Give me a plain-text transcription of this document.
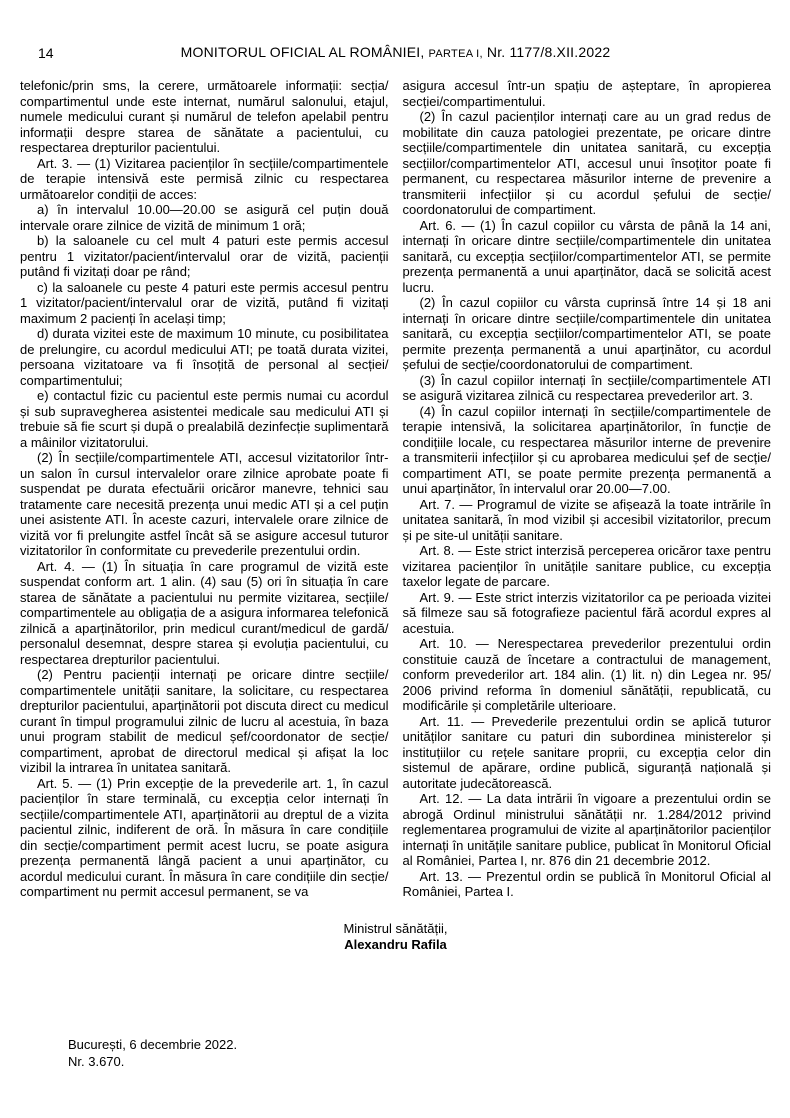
14	MONITORUL OFICIAL AL ROMÂNIEI, PARTEA I, Nr. 1177/8.XII.2022

telefonic/​prin sms, la cerere, următoarele informații: secția/​compartimentul unde este internat, numărul salonului, etajul, numele medicului curant și numărul de telefon apelabil pentru informații despre starea de sănătate a pacientului, cu respectarea drepturilor pacientului.

Art. 3. — (1) Vizitarea pacienților în secțiile/​compartimentele de terapie intensivă este permisă zilnic cu respectarea următoarelor condiții de acces:

a) în intervalul 10.00—20.00 se asigură cel puțin două intervale orare zilnice de vizită de minimum 1 oră;

b) la saloanele cu cel mult 4 paturi este permis accesul pentru 1 vizitator/​pacient/​intervalul orar de vizită, pacienții putând fi vizitați doar pe rând;

c) la saloanele cu peste 4 paturi este permis accesul pentru 1 vizitator/​pacient/​intervalul orar de vizită, putând fi vizitați maximum 2 pacienți în același timp;

d) durata vizitei este de maximum 10 minute, cu posibilitatea de prelungire, cu acordul medicului ATI; pe toată durata vizitei, persoana vizitatoare va fi însoțită de personal al secției/​compartimentului;

e) contactul fizic cu pacientul este permis numai cu acordul și sub supravegherea asistentei medicale sau medicului ATI și trebuie să fie scurt și după o prealabilă dezinfecție suplimentară a mâinilor vizitatorului.

(2) În secțiile/​compartimentele ATI, accesul vizitatorilor într-un salon în cursul intervalelor orare zilnice aprobate poate fi suspendat pe durata efectuării oricăror manevre, tehnici sau tratamente care necesită prezența unui medic ATI și a cel puțin unei asistente ATI. În aceste cazuri, intervalele orare zilnice de vizită vor fi prelungite astfel încât să se asigure accesul tuturor vizitatorilor în conformitate cu prevederile prezentului ordin.

Art. 4. — (1) În situația în care programul de vizită este suspendat conform art. 1 alin. (4) sau (5) ori în situația în care starea de sănătate a pacientului nu permite vizitarea, secțiile/​compartimentele au obligația de a asigura informarea telefonică zilnică a aparținătorilor, prin medicul curant/​medicul de gardă/​personalul desemnat, despre starea și evoluția pacientului, cu respectarea drepturilor pacientului.

(2) Pentru pacienții internați pe oricare dintre secțiile/​compartimentele unității sanitare, la solicitare, cu respectarea drepturilor pacientului, aparținătorii pot discuta direct cu medicul curant în timpul programului zilnic de lucru al acestuia, în baza unui program stabilit de medicul șef/​coordonator de secție/​compartiment, aprobat de directorul medical și afișat la loc vizibil la intrarea în unitatea sanitară.

Art. 5. — (1) Prin excepție de la prevederile art. 1, în cazul pacienților în stare terminală, cu excepția celor internați în secțiile/​compartimentele ATI, aparținătorii au dreptul de a vizita pacientul zilnic, indiferent de oră. În măsura în care condițiile din secție/​compartiment permit acest lucru, se poate asigura prezența permanentă lângă pacient a unui aparținător, cu acordul medicului curant. În măsura în care condițiile din secție/​compartiment nu permit accesul permanent, se va

asigura accesul într-un spațiu de așteptare, în apropierea secției/​compartimentului.

(2) În cazul pacienților internați care au un grad redus de mobilitate din cauza patologiei prezentate, pe oricare dintre secțiile/​compartimentele din unitatea sanitară, cu excepția secțiilor/​compartimentelor ATI, accesul unui însoțitor poate fi permanent, cu respectarea măsurilor interne de prevenire a transmiterii infecțiilor și cu acordul șefului de secție/​coordonatorului de compartiment.

Art. 6. — (1) În cazul copiilor cu vârsta de până la 14 ani, internați în oricare dintre secțiile/​compartimentele din unitatea sanitară, cu excepția secțiilor/​compartimentelor ATI, se permite prezența permanentă a unui aparținător, dacă se solicită acest lucru.

(2) În cazul copiilor cu vârsta cuprinsă între 14 și 18 ani internați în oricare dintre secțiile/​compartimentele din unitatea sanitară, cu excepția secțiilor/​compartimentelor ATI, se poate permite prezența permanentă a unui aparținător, cu acordul șefului de secție/​coordonatorului de compartiment.

(3) În cazul copiilor internați în secțiile/​compartimentele ATI se asigură vizitarea zilnică cu respectarea prevederilor art. 3.

(4) În cazul copiilor internați în secțiile/​compartimentele de terapie intensivă, la solicitarea aparținătorilor, în funcție de condițiile locale, cu respectarea măsurilor interne de prevenire a transmiterii infecțiilor și cu aprobarea medicului șef de secție/​compartiment ATI, se poate permite prezența permanentă a unui aparținător, în intervalul orar 20.00—7.00.

Art. 7. — Programul de vizite se afișează la toate intrările în unitatea sanitară, în mod vizibil și accesibil vizitatorilor, precum și pe site-ul unității sanitare.

Art. 8. — Este strict interzisă perceperea oricăror taxe pentru vizitarea pacienților în unitățile sanitare publice, cu excepția taxelor legate de parcare.

Art. 9. — Este strict interzis vizitatorilor ca pe perioada vizitei să filmeze sau să fotografieze pacientul fără acordul expres al acestuia.

Art. 10. — Nerespectarea prevederilor prezentului ordin constituie cauză de încetare a contractului de management, conform prevederilor art. 184 alin. (1) lit. n) din Legea nr. 95/​2006 privind reforma în domeniul sănătății, republicată, cu modificările și completările ulterioare.

Art. 11. — Prevederile prezentului ordin se aplică tuturor unităților sanitare cu paturi din subordinea ministerelor și instituțiilor cu rețele sanitare proprii, cu excepția celor din sistemul de apărare, ordine publică, siguranță națională și autoritate judecătorească.

Art. 12. — La data intrării în vigoare a prezentului ordin se abrogă Ordinul ministrului sănătății nr. 1.284/​2012 privind reglementarea programului de vizite al aparținătorilor pacienților internați în unitățile sanitare publice, publicat în Monitorul Oficial al României, Partea I, nr. 876 din 21 decembrie 2012.

Art. 13. — Prezentul ordin se publică în Monitorul Oficial al României, Partea I.

Ministrul sănătății,
Alexandru Rafila
București, 6 decembrie 2022.
Nr. 3.670.
